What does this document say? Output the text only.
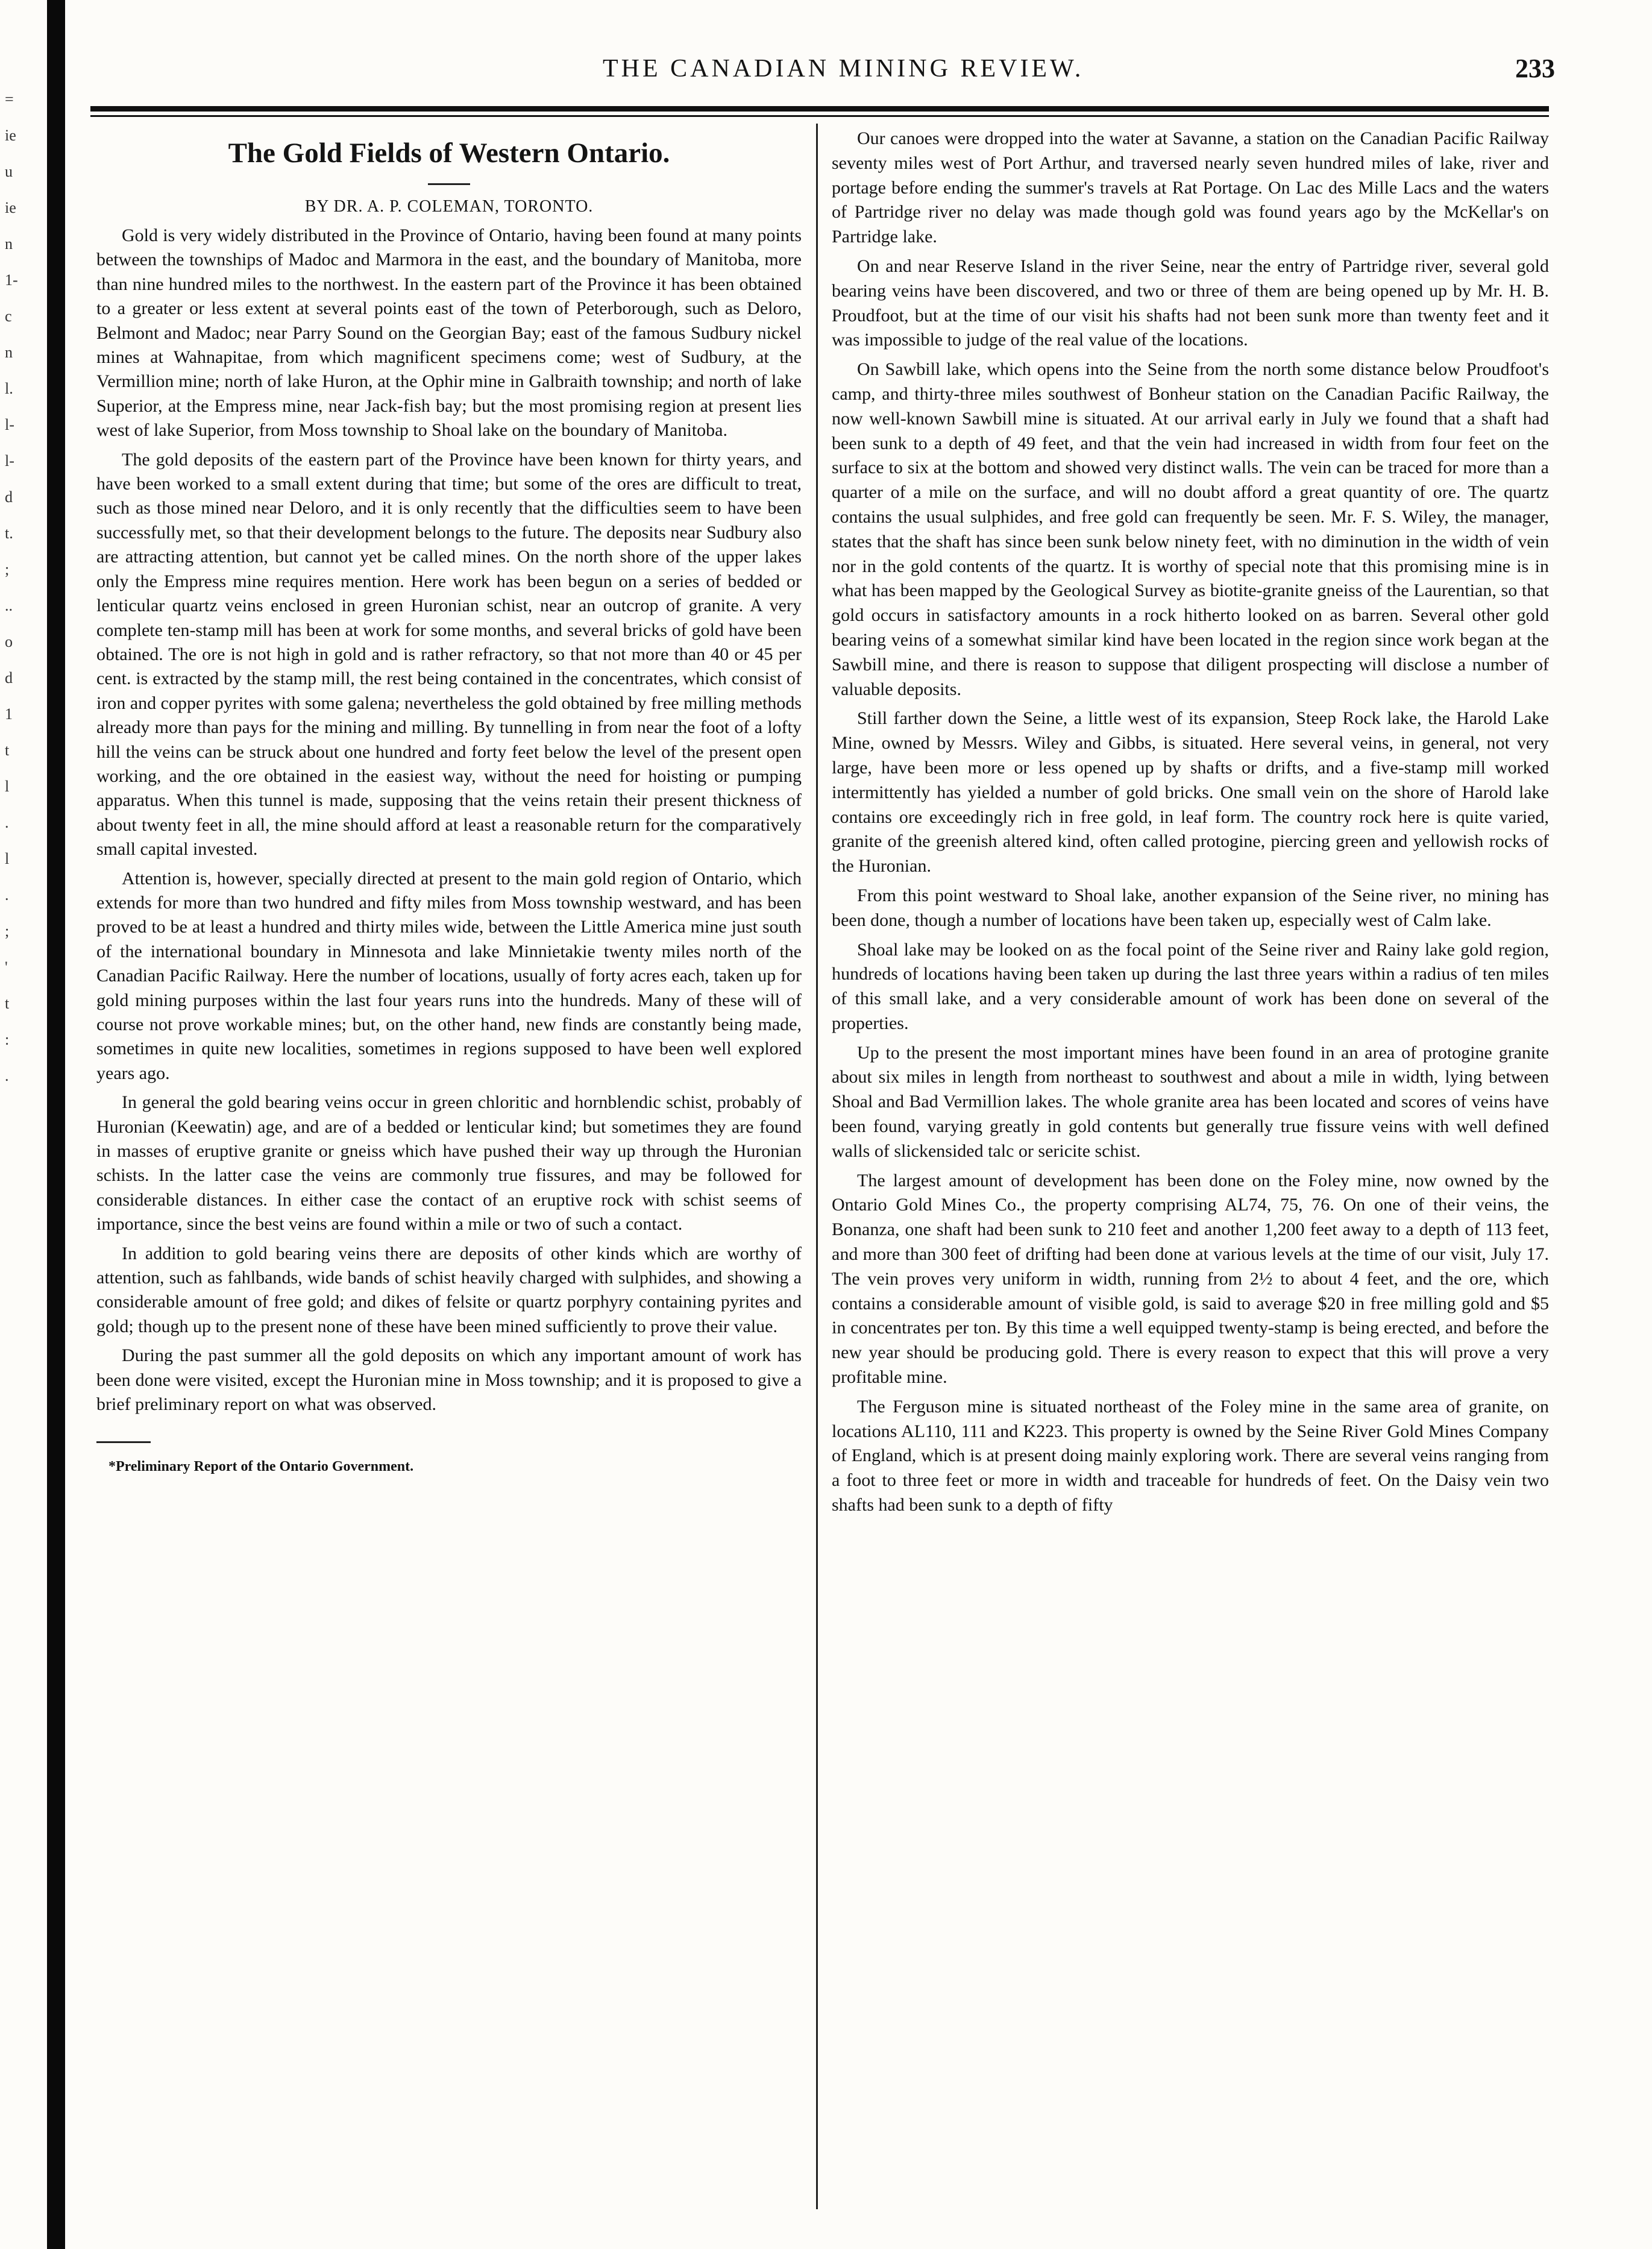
=
ie
u
ie
n
1-
c
n
l.
l-
l-
d
t.
;
..
o
d
1
t
l
.
l
.
;
'
t
:
.
THE CANADIAN MINING REVIEW.	233
The Gold Fields of Western Ontario.
BY DR. A. P. COLEMAN, TORONTO.

Gold is very widely distributed in the Province of Ontario, having been found at many points between the townships of Madoc and Marmora in the east, and the boundary of Manitoba, more than nine hundred miles to the northwest. In the eastern part of the Province it has been obtained to a greater or less extent at several points east of the town of Peterborough, such as Deloro, Belmont and Madoc; near Parry Sound on the Georgian Bay; east of the famous Sudbury nickel mines at Wahnapitae, from which magnificent specimens come; west of Sudbury, at the Vermillion mine; north of lake Huron, at the Ophir mine in Galbraith township; and north of lake Superior, at the Empress mine, near Jack-fish bay; but the most promising region at present lies west of lake Superior, from Moss township to Shoal lake on the boundary of Manitoba.

The gold deposits of the eastern part of the Province have been known for thirty years, and have been worked to a small extent during that time; but some of the ores are difficult to treat, such as those mined near Deloro, and it is only recently that the difficulties seem to have been successfully met, so that their development belongs to the future. The deposits near Sudbury also are attracting attention, but cannot yet be called mines. On the north shore of the upper lakes only the Empress mine requires mention. Here work has been begun on a series of bedded or lenticular quartz veins enclosed in green Huronian schist, near an outcrop of granite. A very complete ten-stamp mill has been at work for some months, and several bricks of gold have been obtained. The ore is not high in gold and is rather refractory, so that not more than 40 or 45 per cent. is extracted by the stamp mill, the rest being contained in the concentrates, which consist of iron and copper pyrites with some galena; nevertheless the gold obtained by free milling methods already more than pays for the mining and milling. By tunnelling in from near the foot of a lofty hill the veins can be struck about one hundred and forty feet below the level of the present open working, and the ore obtained in the easiest way, without the need for hoisting or pumping apparatus. When this tunnel is made, supposing that the veins retain their present thickness of about twenty feet in all, the mine should afford at least a reasonable return for the comparatively small capital invested.

Attention is, however, specially directed at present to the main gold region of Ontario, which extends for more than two hundred and fifty miles from Moss township westward, and has been proved to be at least a hundred and thirty miles wide, between the Little America mine just south of the international boundary in Minnesota and lake Minnietakie twenty miles north of the Canadian Pacific Railway. Here the number of locations, usually of forty acres each, taken up for gold mining purposes within the last four years runs into the hundreds. Many of these will of course not prove workable mines; but, on the other hand, new finds are constantly being made, sometimes in quite new localities, sometimes in regions supposed to have been well explored years ago.

In general the gold bearing veins occur in green chloritic and hornblendic schist, probably of Huronian (Keewatin) age, and are of a bedded or lenticular kind; but sometimes they are found in masses of eruptive granite or gneiss which have pushed their way up through the Huronian schists. In the latter case the veins are commonly true fissures, and may be followed for considerable distances. In either case the contact of an eruptive rock with schist seems of importance, since the best veins are found within a mile or two of such a contact.

In addition to gold bearing veins there are deposits of other kinds which are worthy of attention, such as fahlbands, wide bands of schist heavily charged with sulphides, and showing a considerable amount of free gold; and dikes of felsite or quartz porphyry containing pyrites and gold; though up to the present none of these have been mined sufficiently to prove their value.

During the past summer all the gold deposits on which any important amount of work has been done were visited, except the Huronian mine in Moss township; and it is proposed to give a brief preliminary report on what was observed.

*Preliminary Report of the Ontario Government.

Our canoes were dropped into the water at Savanne, a station on the Canadian Pacific Railway seventy miles west of Port Arthur, and traversed nearly seven hundred miles of lake, river and portage before ending the summer's travels at Rat Portage. On Lac des Mille Lacs and the waters of Partridge river no delay was made though gold was found years ago by the McKellar's on Partridge lake.

On and near Reserve Island in the river Seine, near the entry of Partridge river, several gold bearing veins have been discovered, and two or three of them are being opened up by Mr. H. B. Proudfoot, but at the time of our visit his shafts had not been sunk more than twenty feet and it was impossible to judge of the real value of the locations.

On Sawbill lake, which opens into the Seine from the north some distance below Proudfoot's camp, and thirty-three miles southwest of Bonheur station on the Canadian Pacific Railway, the now well-known Sawbill mine is situated. At our arrival early in July we found that a shaft had been sunk to a depth of 49 feet, and that the vein had increased in width from four feet on the surface to six at the bottom and showed very distinct walls. The vein can be traced for more than a quarter of a mile on the surface, and will no doubt afford a great quantity of ore. The quartz contains the usual sulphides, and free gold can frequently be seen. Mr. F. S. Wiley, the manager, states that the shaft has since been sunk below ninety feet, with no diminution in the width of vein nor in the gold contents of the quartz. It is worthy of special note that this promising mine is in what has been mapped by the Geological Survey as biotite-granite gneiss of the Laurentian, so that gold occurs in satisfactory amounts in a rock hitherto looked on as barren. Several other gold bearing veins of a somewhat similar kind have been located in the region since work began at the Sawbill mine, and there is reason to suppose that diligent prospecting will disclose a number of valuable deposits.

Still farther down the Seine, a little west of its expansion, Steep Rock lake, the Harold Lake Mine, owned by Messrs. Wiley and Gibbs, is situated. Here several veins, in general, not very large, have been more or less opened up by shafts or drifts, and a five-stamp mill worked intermittently has yielded a number of gold bricks. One small vein on the shore of Harold lake contains ore exceedingly rich in free gold, in leaf form. The country rock here is quite varied, granite of the greenish altered kind, often called protogine, piercing green and yellowish rocks of the Huronian.

From this point westward to Shoal lake, another expansion of the Seine river, no mining has been done, though a number of locations have been taken up, especially west of Calm lake.

Shoal lake may be looked on as the focal point of the Seine river and Rainy lake gold region, hundreds of locations having been taken up during the last three years within a radius of ten miles of this small lake, and a very considerable amount of work has been done on several of the properties.

Up to the present the most important mines have been found in an area of protogine granite about six miles in length from northeast to southwest and about a mile in width, lying between Shoal and Bad Vermillion lakes. The whole granite area has been located and scores of veins have been found, varying greatly in gold contents but generally true fissure veins with well defined walls of slickensided talc or sericite schist.

The largest amount of development has been done on the Foley mine, now owned by the Ontario Gold Mines Co., the property comprising AL74, 75, 76. On one of their veins, the Bonanza, one shaft had been sunk to 210 feet and another 1,200 feet away to a depth of 113 feet, and more than 300 feet of drifting had been done at various levels at the time of our visit, July 17. The vein proves very uniform in width, running from 2½ to about 4 feet, and the ore, which contains a considerable amount of visible gold, is said to average $20 in free milling gold and $5 in concentrates per ton. By this time a well equipped twenty-stamp is being erected, and before the new year should be producing gold. There is every reason to expect that this will prove a very profitable mine.

The Ferguson mine is situated northeast of the Foley mine in the same area of granite, on locations AL110, 111 and K223. This property is owned by the Seine River Gold Mines Company of England, which is at present doing mainly exploring work. There are several veins ranging from a foot to three feet or more in width and traceable for hundreds of feet. On the Daisy vein two shafts had been sunk to a depth of fifty
